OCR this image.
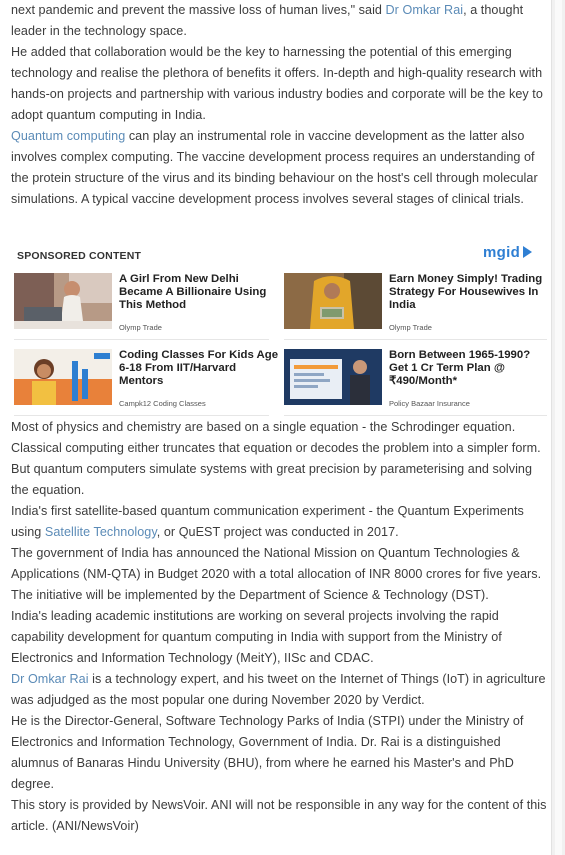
next pandemic and prevent the massive loss of human lives," said Dr Omkar Rai, a thought leader in the technology space.

He added that collaboration would be the key to harnessing the potential of this emerging technology and realise the plethora of benefits it offers. In-depth and high-quality research with hands-on projects and partnership with various industry bodies and corporate will be the key to adopt quantum computing in India.

Quantum computing can play an instrumental role in vaccine development as the latter also involves complex computing. The vaccine development process requires an understanding of the protein structure of the virus and its binding behaviour on the host's cell through molecular simulations. A typical vaccine development process involves several stages of clinical trials.

SPONSORED CONTENT	mgid
A Girl From New Delhi Became A Billionaire Using This Method
Olymp Trade
Earn Money Simply! Trading Strategy For Housewives In India
Olymp Trade
Coding Classes For Kids Age 6-18 From IIT/Harvard Mentors
Campk12 Coding Classes
Born Between 1965-1990? Get 1 Cr Term Plan @ ₹490/Month*
Policy Bazaar Insurance

Most of physics and chemistry are based on a single equation - the Schrodinger equation. Classical computing either truncates that equation or decodes the problem into a simpler form. But quantum computers simulate systems with great precision by parameterising and solving the equation.

India's first satellite-based quantum communication experiment - the Quantum Experiments using Satellite Technology, or QuEST project was conducted in 2017.

The government of India has announced the National Mission on Quantum Technologies & Applications (NM-QTA) in Budget 2020 with a total allocation of INR 8000 crores for five years. The initiative will be implemented by the Department of Science & Technology (DST).

India's leading academic institutions are working on several projects involving the rapid capability development for quantum computing in India with support from the Ministry of Electronics and Information Technology (MeitY), IISc and CDAC.

Dr Omkar Rai is a technology expert, and his tweet on the Internet of Things (IoT) in agriculture was adjudged as the most popular one during November 2020 by Verdict.

He is the Director-General, Software Technology Parks of India (STPI) under the Ministry of Electronics and Information Technology, Government of India. Dr. Rai is a distinguished alumnus of Banaras Hindu University (BHU), from where he earned his Master's and PhD degree.

This story is provided by NewsVoir. ANI will not be responsible in any way for the content of this article. (ANI/NewsVoir)
